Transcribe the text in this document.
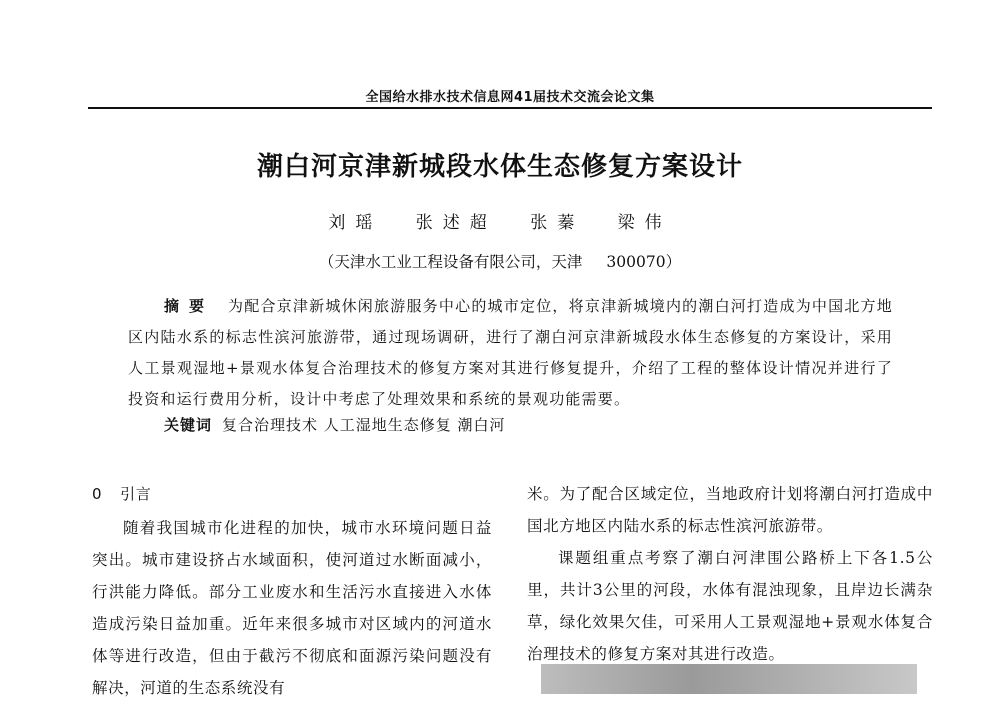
全国给水排水技术信息网41届技术交流会论文集
潮白河京津新城段水体生态修复方案设计
刘瑶 张述超 张蓁 梁伟
（天津水工业工程设备有限公司，天津 300070）
摘要 为配合京津新城休闲旅游服务中心的城市定位，将京津新城境内的潮白河打造成为中国北方地区内陆水系的标志性滨河旅游带，通过现场调研，进行了潮白河京津新城段水体生态修复的方案设计，采用人工景观湿地+景观水体复合治理技术的修复方案对其进行修复提升，介绍了工程的整体设计情况并进行了投资和运行费用分析，设计中考虑了处理效果和系统的景观功能需要。
关键词 复合治理技术 人工湿地生态修复 潮白河
0 引言

随着我国城市化进程的加快，城市水环境问题日益突出。城市建设挤占水域面积，使河道过水断面减小，行洪能力降低。部分工业废水和生活污水直接进入水体造成污染日益加重。近年来很多城市对区域内的河道水体等进行改造，但由于截污不彻底和面源污染问题没有解决，河道的生态系统没有

米。为了配合区域定位，当地政府计划将潮白河打造成中国北方地区内陆水系的标志性滨河旅游带。

课题组重点考察了潮白河津围公路桥上下各1.5公里，共计3公里的河段，水体有混浊现象，且岸边长满杂草，绿化效果欠佳，可采用人工景观湿地+景观水体复合治理技术的修复方案对其进行改造。
